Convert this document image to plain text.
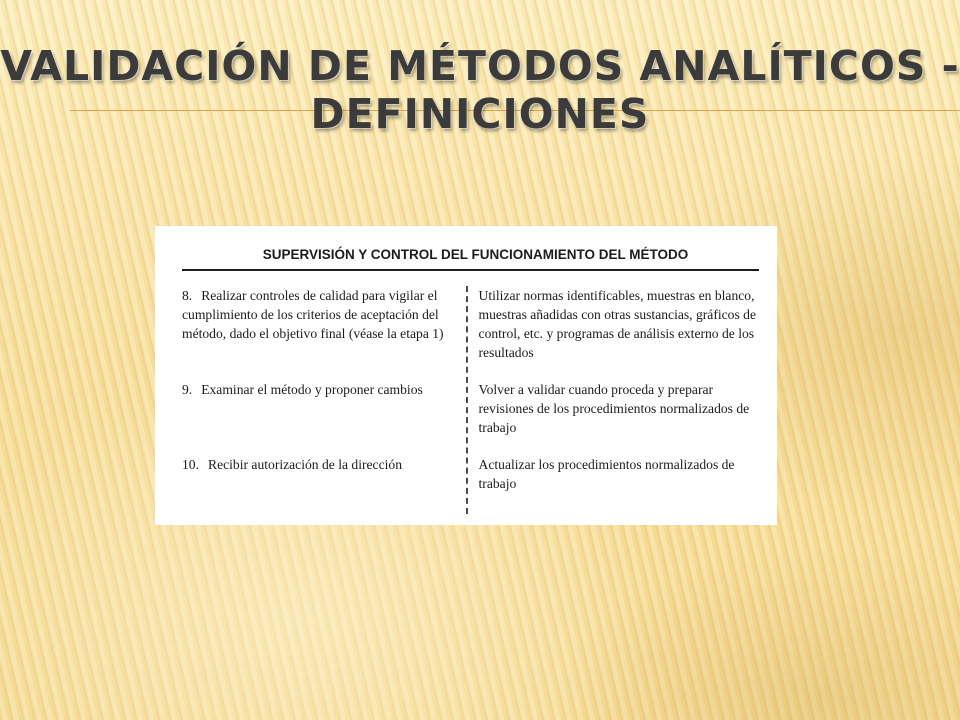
VALIDACIÓN DE MÉTODOS ANALÍTICOS -
DEFINICIONES

SUPERVISIÓN Y CONTROL DEL FUNCIONAMIENTO DEL MÉTODO

8. Realizar controles de calidad para vigilar el cumplimiento de los criterios de aceptación del método, dado el objetivo final (véase la etapa 1)
Utilizar normas identificables, muestras en blanco, muestras añadidas con otras sustancias, gráficos de control, etc. y programas de análisis externo de los resultados
9. Examinar el método y proponer cambios	Volver a validar cuando proceda y preparar revisiones de los procedimientos normalizados de trabajo
10. Recibir autorización de la dirección	Actualizar los procedimientos normalizados de trabajo
